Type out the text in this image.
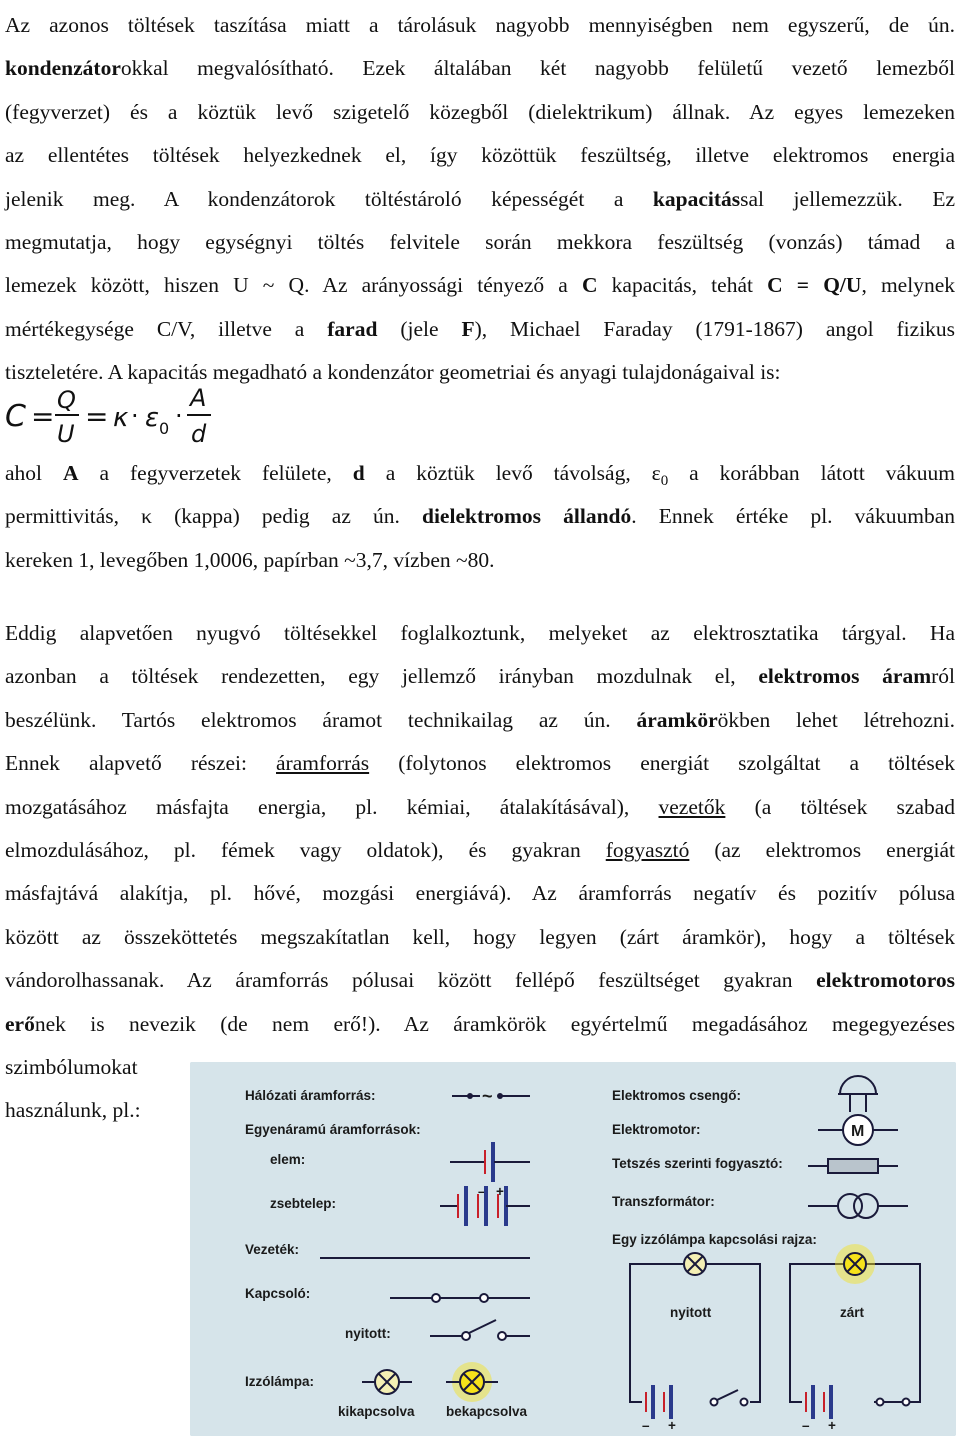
Az azonos töltések taszítása miatt a tárolásuk nagyobb mennyiségben nem egyszerű, de ún.
kondenzátorokkal megvalósítható. Ezek általában két nagyobb felületű vezető lemezből
(fegyverzet) és a köztük levő szigetelő közegből (dielektrikum) állnak. Az egyes lemezeken
az ellentétes töltések helyezkednek el, így közöttük feszültség, illetve elektromos energia
jelenik meg. A kondenzátorok töltéstároló képességét a kapacitással jellemezzük. Ez
megmutatja, hogy egységnyi töltés felvitele során mekkora feszültség (vonzás) támad a
lemezek között, hiszen U ~ Q. Az arányossági tényező a C kapacitás, tehát C = Q/U, melynek
mértékegysége C/V, illetve a farad (jele F), Michael Faraday (1791-1867) angol fizikus
tiszteletére. A kapacitás megadható a kondenzátor geometriai és anyagi tulajdonágaival is:
C = Q
U
= κ · ε 0 ·
A
d
ahol A a fegyverzetek felülete, d a köztük levő távolság, $\varepsilon_0$ a korábban látott vákuum
permittivitás, κ (kappa) pedig az ún. dielektromos állandó. Ennek értéke pl. vákuumban
kereken 1, levegőben 1,0006, papírban ~3,7, vízben ~80.
Eddig alapvetően nyugvó töltésekkel foglalkoztunk, melyeket az elektrosztatika tárgyal. Ha
azonban a töltések rendezetten, egy jellemző irányban mozdulnak el, elektromos áramról
beszélünk. Tartós elektromos áramot technikailag az ún. áramkörökben lehet létrehozni.
Ennek alapvető részei: áramforrás (folytonos elektromos energiát szolgáltat a töltések
mozgatásához másfajta energia, pl. kémiai, átalakításával), vezetők (a töltések szabad
elmozdulásához, pl. fémek vagy oldatok), és gyakran fogyasztó (az elektromos energiát
másfajtává alakítja, pl. hővé, mozgási energiává). Az áramforrás negatív és pozitív pólusa
között az összeköttetés megszakítatlan kell, hogy legyen (zárt áramkör), hogy a töltések
vándorolhassanak. Az áramforrás pólusai között fellépő feszültséget gyakran elektromotoros
erőnek is nevezik (de nem erő!). Az áramkörök egyértelmű megadásához megegyezéses
szimbólumokat
használunk, pl.:
Hálózati áramforrás:	~
Egyenáramú áramforrások:
elem:
– +
zsebtelep:
Vezeték:
Kapcsoló:
nyitott:
Izzólámpa:
kikapcsolva bekapcsolva
Elektromos csengő:
Elektromotor:	M
Tetszés szerinti fogyasztó:
Transzformátor:
Egy izzólámpa kapcsolási rajza:
nyitott
– +
zárt
– +
